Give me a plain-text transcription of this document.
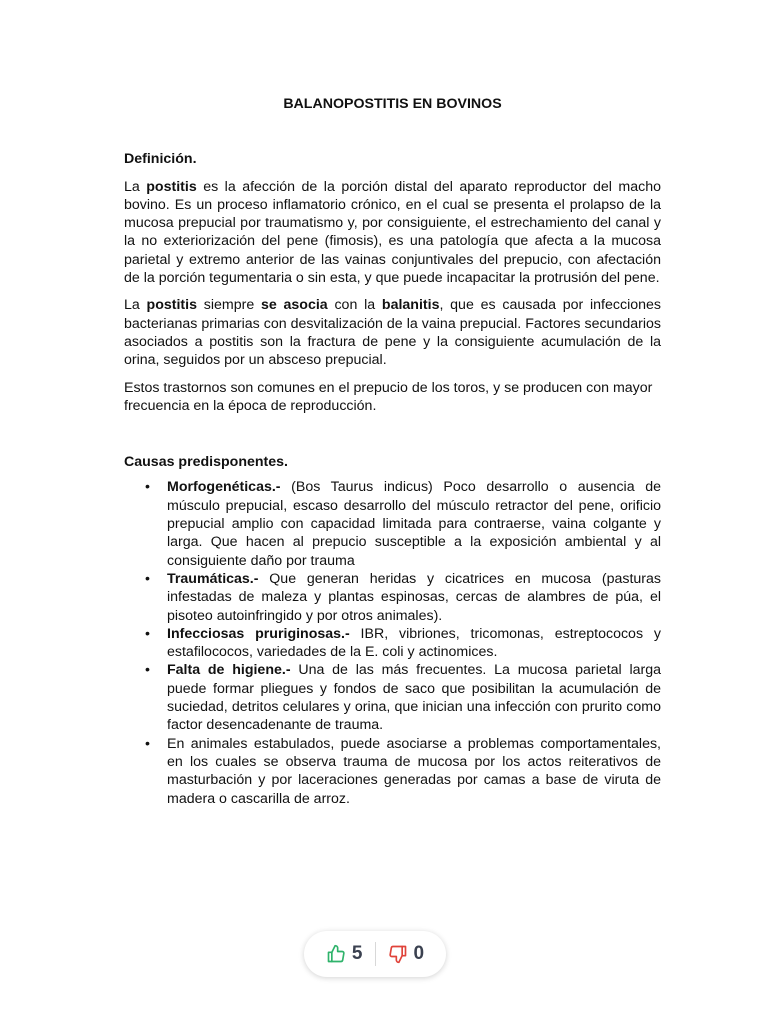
BALANOPOSTITIS EN BOVINOS
Definición.

La postitis es la afección de la porción distal del aparato reproductor del macho bovino. Es un proceso inflamatorio crónico, en el cual se presenta el prolapso de la mucosa prepucial por traumatismo y, por consiguiente, el estrechamiento del canal y la no exteriorización del pene (fimosis), es una patología que afecta a la mucosa parietal y extremo anterior de las vainas conjuntivales del prepucio, con afectación de la porción tegumentaria o sin esta, y que puede incapacitar la protrusión del pene.

La postitis siempre se asocia con la balanitis, que es causada por infecciones bacterianas primarias con desvitalización de la vaina prepucial. Factores secundarios asociados a postitis son la fractura de pene y la consiguiente acumulación de la orina, seguidos por un absceso prepucial.

Estos trastornos son comunes en el prepucio de los toros, y se producen con mayor frecuencia en la época de reproducción.

Causas predisponentes.
• Morfogenéticas.- (Bos Taurus indicus) Poco desarrollo o ausencia de músculo prepucial, escaso desarrollo del músculo retractor del pene, orificio prepucial amplio con capacidad limitada para contraerse, vaina colgante y larga. Que hacen al prepucio susceptible a la exposición ambiental y al consiguiente daño por trauma
• Traumáticas.- Que generan heridas y cicatrices en mucosa (pasturas infestadas de maleza y plantas espinosas, cercas de alambres de púa, el pisoteo autoinfringido y por otros animales).
• Infecciosas pruriginosas.- IBR, vibriones, tricomonas, estreptococos y estafilococos, variedades de la E. coli y actinomices.
• Falta de higiene.- Una de las más frecuentes. La mucosa parietal larga puede formar pliegues y fondos de saco que posibilitan la acumulación de suciedad, detritos celulares y orina, que inician una infección con prurito como factor desencadenante de trauma.
• En animales estabulados, puede asociarse a problemas comportamentales, en los cuales se observa trauma de mucosa por los actos reiterativos de masturbación y por laceraciones generadas por camas a base de viruta de madera o cascarilla de arroz.
5	0
